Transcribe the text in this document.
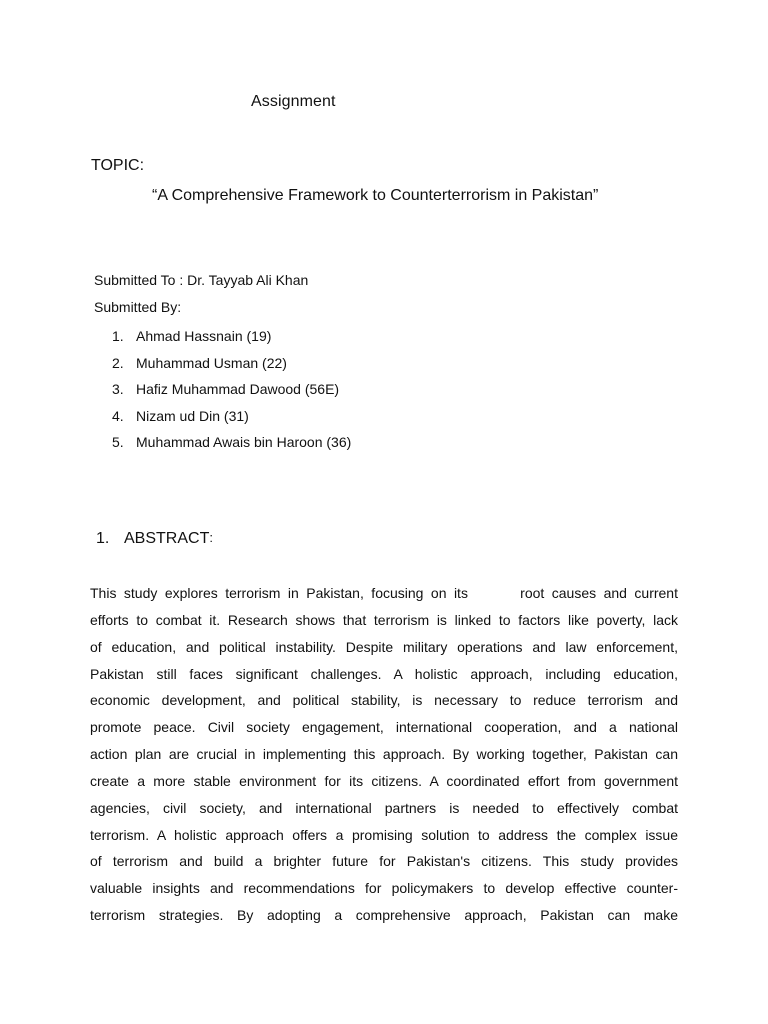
Assignment
TOPIC:
“A Comprehensive Framework to Counterterrorism in Pakistan”
Submitted To : Dr. Tayyab Ali Khan
Submitted By:
1. Ahmad Hassnain (19)
2. Muhammad Usman (22)
3. Hafiz Muhammad Dawood (56E)
4. Nizam ud Din (31)
5. Muhammad Awais bin Haroon (36)
1. ABSTRACT :
This study explores terrorism in Pakistan, focusing on its       root causes and current
efforts to combat it. Research shows that terrorism is linked to factors like poverty, lack
of education, and political instability. Despite military operations and law enforcement,
Pakistan still faces significant challenges. A holistic approach, including education,
economic development, and political stability, is necessary to reduce terrorism and
promote peace. Civil society engagement, international cooperation, and a national
action plan are crucial in implementing this approach. By working together, Pakistan can
create a more stable environment for its citizens. A coordinated effort from government
agencies, civil society, and international partners is needed to effectively combat
terrorism. A holistic approach offers a promising solution to address the complex issue
of terrorism and build a brighter future for Pakistan's citizens. This study provides
valuable insights and recommendations for policymakers to develop effective counter-
terrorism strategies. By adopting a comprehensive approach, Pakistan can make
